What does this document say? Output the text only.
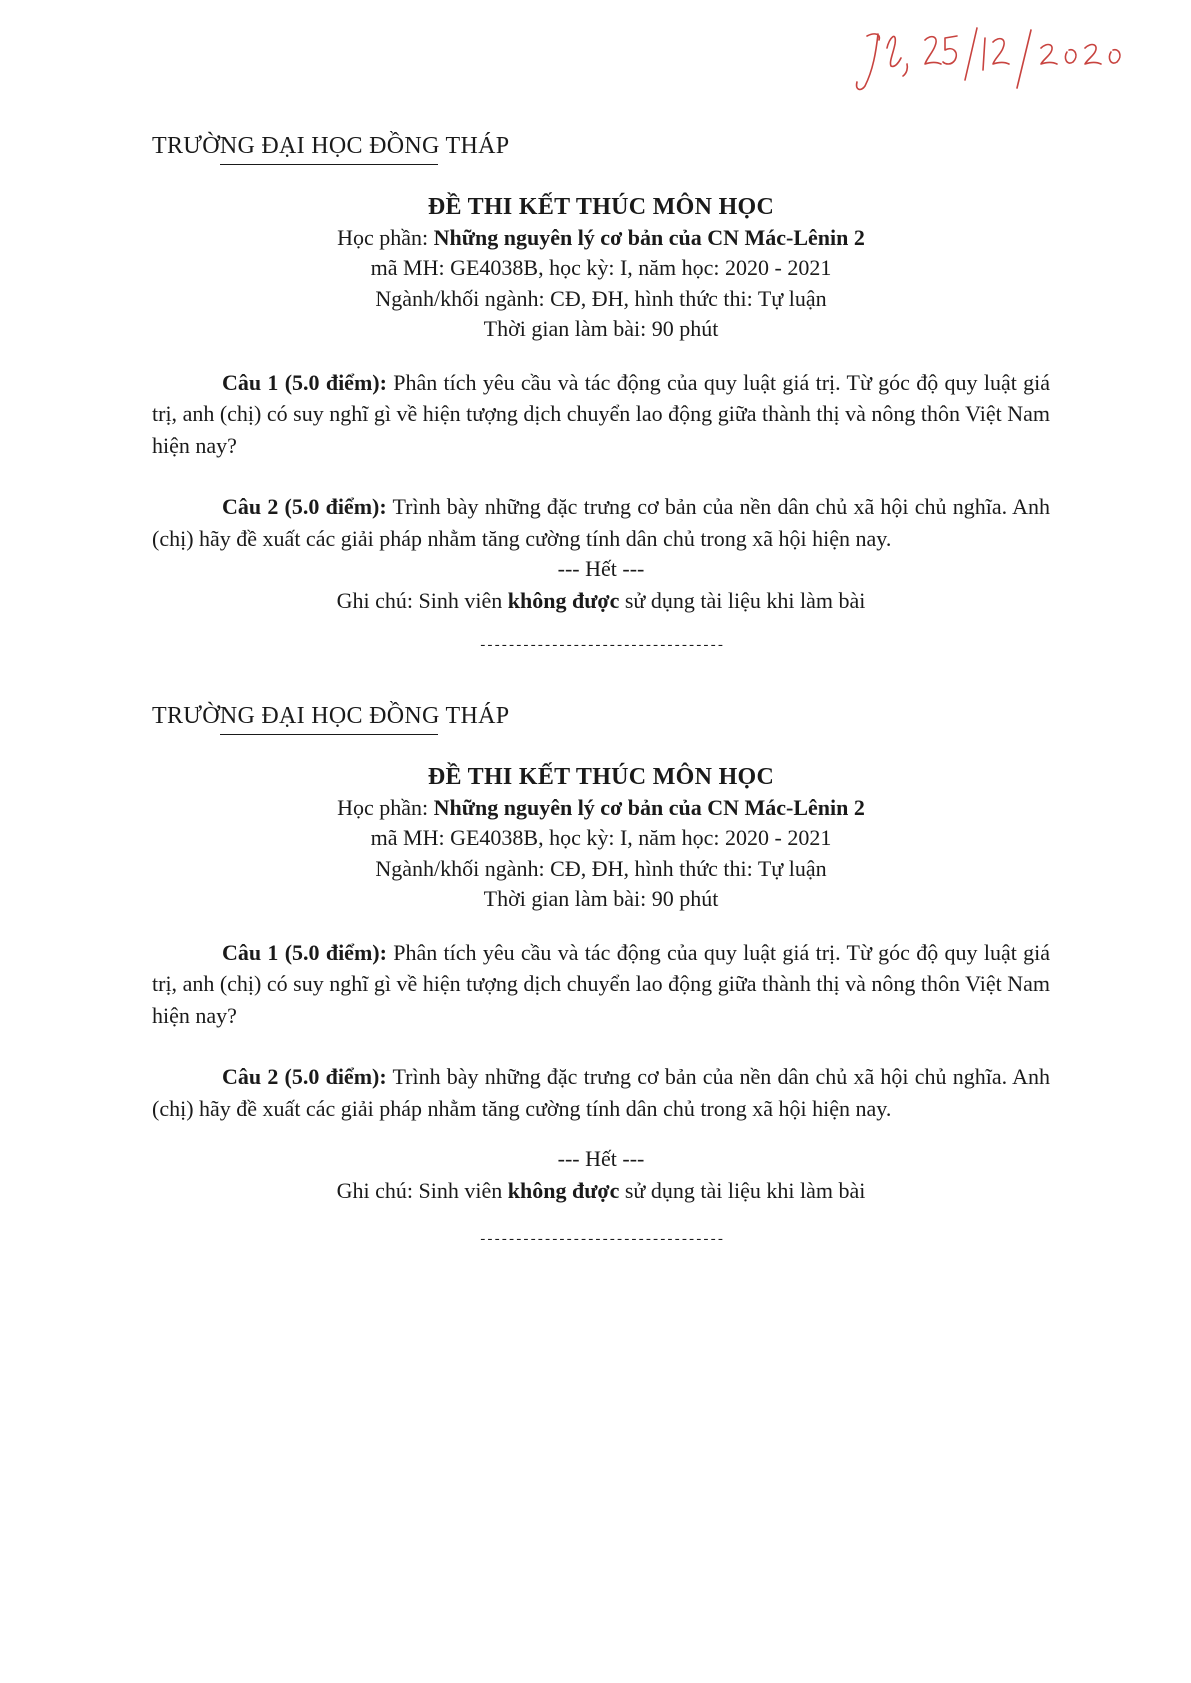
TRƯỜNG ĐẠI HỌC ĐỒNG THÁP
ĐỀ THI KẾT THÚC MÔN HỌC
Học phần: Những nguyên lý cơ bản của CN Mác-Lênin 2
mã MH: GE4038B, học kỳ: I, năm học: 2020 - 2021
Ngành/khối ngành: CĐ, ĐH, hình thức thi: Tự luận
Thời gian làm bài: 90 phút
Câu 1 (5.0 điểm): Phân tích yêu cầu và tác động của quy luật giá trị. Từ góc độ quy luật giá trị, anh (chị) có suy nghĩ gì về hiện tượng dịch chuyển lao động giữa thành thị và nông thôn Việt Nam hiện nay?
Câu 2 (5.0 điểm): Trình bày những đặc trưng cơ bản của nền dân chủ xã hội chủ nghĩa. Anh (chị) hãy đề xuất các giải pháp nhằm tăng cường tính dân chủ trong xã hội hiện nay.
--- Hết ---
Ghi chú: Sinh viên không được sử dụng tài liệu khi làm bài
----------------------------------
TRƯỜNG ĐẠI HỌC ĐỒNG THÁP
ĐỀ THI KẾT THÚC MÔN HỌC
Học phần: Những nguyên lý cơ bản của CN Mác-Lênin 2
mã MH: GE4038B, học kỳ: I, năm học: 2020 - 2021
Ngành/khối ngành: CĐ, ĐH, hình thức thi: Tự luận
Thời gian làm bài: 90 phút
Câu 1 (5.0 điểm): Phân tích yêu cầu và tác động của quy luật giá trị. Từ góc độ quy luật giá trị, anh (chị) có suy nghĩ gì về hiện tượng dịch chuyển lao động giữa thành thị và nông thôn Việt Nam hiện nay?
Câu 2 (5.0 điểm): Trình bày những đặc trưng cơ bản của nền dân chủ xã hội chủ nghĩa. Anh (chị) hãy đề xuất các giải pháp nhằm tăng cường tính dân chủ trong xã hội hiện nay.
--- Hết ---
Ghi chú: Sinh viên không được sử dụng tài liệu khi làm bài
----------------------------------
